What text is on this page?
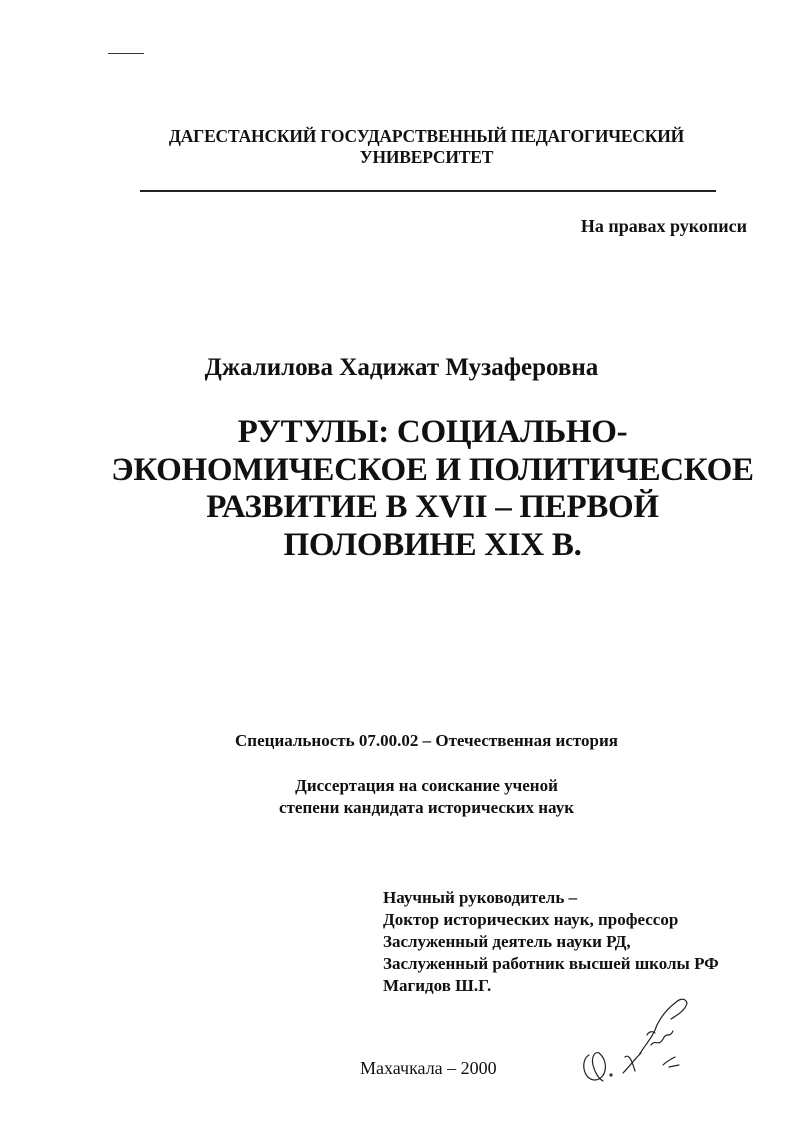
ДАГЕСТАНСКИЙ ГОСУДАРСТВЕННЫЙ ПЕДАГОГИЧЕСКИЙ
УНИВЕРСИТЕТ
На правах рукописи
Джалилова Хадижат Музаферовна
РУТУЛЫ: СОЦИАЛЬНО-
ЭКОНОМИЧЕСКОЕ И ПОЛИТИЧЕСКОЕ
РАЗВИТИЕ В XVII – ПЕРВОЙ
ПОЛОВИНЕ XIX В.
Специальность 07.00.02 – Отечественная история
Диссертация на соискание ученой
степени кандидата исторических наук
Научный руководитель –
Доктор исторических наук, профессор
Заслуженный деятель науки РД,
Заслуженный работник высшей школы РФ
Магидов Ш.Г.
Махачкала – 2000
